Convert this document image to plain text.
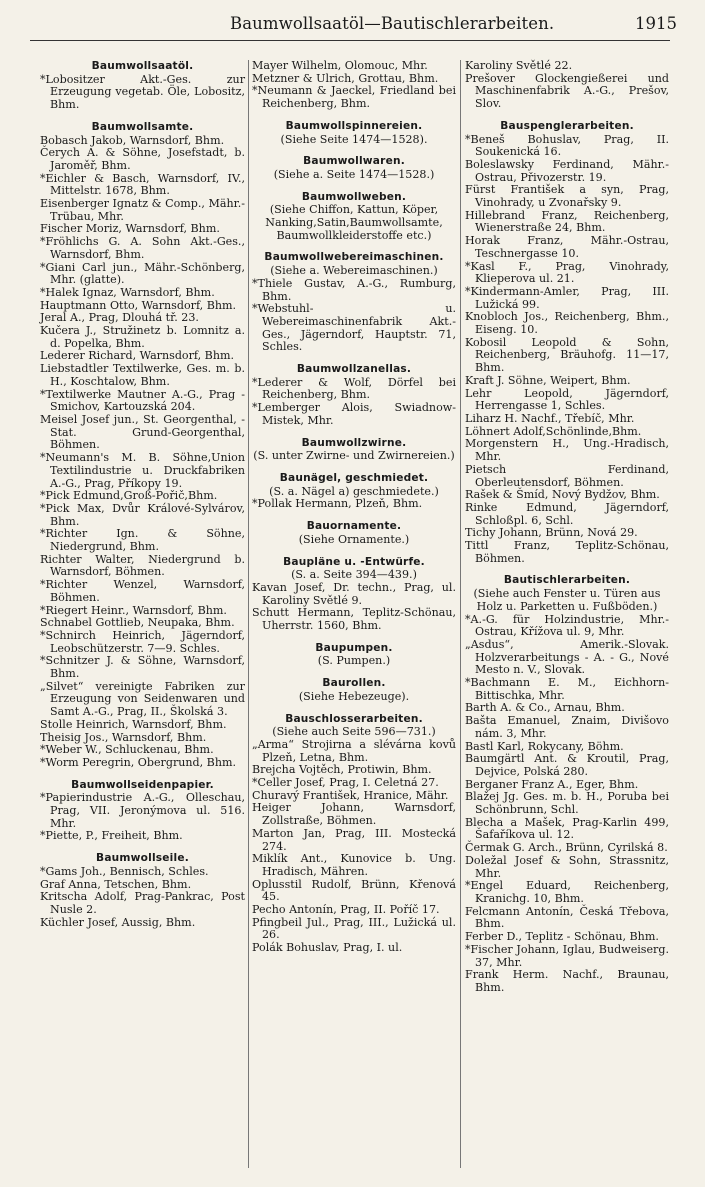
Baumwollsaatöl—Bautischlerarbeiten.	1915
Baumwollsaatöl.
*Lobositzer Akt.-Ges. zur Erzeugung vegetab. Öle, Lobositz, Bhm.
Baumwollsamte.
Bobasch Jakob, Warnsdorf, Bhm.
Čerych A. & Söhne, Josefstadt, b. Jaroměř, Bhm.
*Eichler & Basch, Warnsdorf, IV., Mittelstr. 1678, Bhm.
Eisenberger Ignatz & Comp., Mähr.-Trübau, Mhr.
Fischer Moriz, Warnsdorf, Bhm.
*Fröhlichs G. A. Sohn Akt.-Ges., Warnsdorf, Bhm.
*Giani Carl jun., Mähr.-Schönberg, Mhr. (glatte).
*Halek Ignaz, Warnsdorf, Bhm.
Hauptmann Otto, Warnsdorf, Bhm.
Jeral A., Prag, Dlouhá tř. 23.
Kučera J., Stružinetz b. Lomnitz a. d. Popelka, Bhm.
Lederer Richard, Warnsdorf, Bhm.
Liebstadtler Textilwerke, Ges. m. b. H., Koschtalow, Bhm.
*Textilwerke Mautner A.-G., Prag - Smichov, Kartouzská 204.
Meisel Josef jun., St. Georgenthal, - Stat. Grund-Georgenthal, Böhmen.
*Neumann's M. B. Söhne,Union Textilindustrie u. Druckfabriken A.-G., Prag, Příkopy 19.
*Pick Edmund,Groß-Pořič,Bhm.
*Pick Max, Dvůr Králové-Sylvárov, Bhm.
*Richter Ign. & Söhne, Niedergrund, Bhm.
Richter Walter, Niedergrund b. Warnsdorf, Böhmen.
*Richter Wenzel, Warnsdorf, Böhmen.
*Riegert Heinr., Warnsdorf, Bhm.
Schnabel Gottlieb, Neupaka, Bhm.
*Schnirch Heinrich, Jägerndorf, Leobschützerstr. 7—9. Schles.
*Schnitzer J. & Söhne, Warnsdorf, Bhm.
„Silvet“ vereinigte Fabriken zur Erzeugung von Seidenwaren und Samt A.-G., Prag, II., Školská 3.
Stolle Heinrich, Warnsdorf, Bhm.
Theisig Jos., Warnsdorf, Bhm.
*Weber W., Schluckenau, Bhm.
*Worm Peregrin, Obergrund, Bhm.
Baumwollseidenpapier.
*Papierindustrie A.-G., Olleschau, Prag, VII. Jeronýmova ul. 516. Mhr.
*Piette, P., Freiheit, Bhm.
Baumwollseile.
*Gams Joh., Bennisch, Schles.
Graf Anna, Tetschen, Bhm.
Kritscha Adolf, Prag-Pankrac, Post Nusle 2.
Küchler Josef, Aussig, Bhm.
Mayer Wilhelm, Olomouc, Mhr.
Metzner & Ulrich, Grottau, Bhm.
*Neumann & Jaeckel, Friedland bei Reichenberg, Bhm.
Baumwollspinnereien.
(Siehe Seite 1474—1528).
Baumwollwaren.
(Siehe a. Seite 1474—1528.)
Baumwollweben.
(Siehe Chiffon, Kattun, Köper, Nanking,Satin,Baumwollsamte, Baumwollkleiderstoffe etc.)
Baumwollwebereimaschinen.
(Siehe a. Webereimaschinen.)
*Thiele Gustav, A.-G., Rumburg, Bhm.
*Webstuhl- u. Webereimaschinenfabrik Akt.-Ges., Jägerndorf, Hauptstr. 71, Schles.
Baumwollzanellas.
*Lederer & Wolf, Dörfel bei Reichenberg, Bhm.
*Lemberger Alois, Swiadnow-Mistek, Mhr.
Baumwollzwirne.
(S. unter Zwirne- und Zwirnereien.)
Baunägel, geschmiedet.
(S. a. Nägel a) geschmiedete.)
*Pollak Hermann, Plzeň, Bhm.
Bauornamente.
(Siehe Ornamente.)
Baupläne u. -Entwürfe.
(S. a. Seite 394—439.)
Kavan Josef, Dr. techn., Prag, ul. Karoliny Světlé 9.
Schutt Hermann, Teplitz-Schönau, Uherrstr. 1560, Bhm.
Baupumpen.
(S. Pumpen.)
Baurollen.
(Siehe Hebezeuge).
Bauschlosserarbeiten.
(Siehe auch Seite 596—731.)
„Arma“ Strojirna a slévárna kovů Plzeň, Letna, Bhm.
Brejcha Vojtěch, Protiwin, Bhm.
*Celler Josef, Prag, I. Celetná 27.
Churavý František, Hranice, Mähr.
Heiger Johann, Warnsdorf, Zollstraße, Böhmen.
Marton Jan, Prag, III. Mostecká 274.
Miklík Ant., Kunovice b. Ung. Hradisch, Mähren.
Oplusstil Rudolf, Brünn, Křenová 45.
Pecho Antonín, Prag, II. Poříč 17.
Pfingbeil Jul., Prag, III., Lužická ul. 26.
Polák Bohuslav, Prag, I. ul.
Karoliny Světlé 22.
Prešover Glockengießerei und Maschinenfabrik A.-G., Prešov, Slov.
Bauspenglerarbeiten.
*Beneš Bohuslav, Prag, II. Soukenická 16.
Boleslawsky Ferdinand, Mähr.-Ostrau, Přivozerstr. 19.
Fürst František a syn, Prag, Vinohrady, u Zvonařsky 9.
Hillebrand Franz, Reichenberg, Wienerstraße 24, Bhm.
Horak Franz, Mähr.-Ostrau, Teschnergasse 10.
*Kasl F., Prag, Vinohrady, Klieperova ul. 21.
*Kindermann-Amler, Prag, III. Lužická 99.
Knobloch Jos., Reichenberg, Bhm., Eiseng. 10.
Kobosil Leopold & Sohn, Reichenberg, Bräuhofg. 11—17, Bhm.
Kraft J. Söhne, Weipert, Bhm.
Lehr Leopold, Jägerndorf, Herrengasse 1, Schles.
Liharz H. Nachf., Třebíč, Mhr.
Löhnert Adolf,Schönlinde,Bhm.
Morgenstern H., Ung.-Hradisch, Mhr.
Pietsch Ferdinand, Oberleutensdorf, Böhmen.
Rašek & Šmíd, Nový Bydžov, Bhm.
Rinke Edmund, Jägerndorf, Schloßpl. 6, Schl.
Tichy Johann, Brünn, Nová 29.
Tittl Franz, Teplitz-Schönau, Böhmen.
Bautischlerarbeiten.
(Siehe auch Fenster u. Türen aus Holz u. Parketten u. Fußböden.)
*A.-G. für Holzindustrie, Mhr.-Ostrau, Křížova ul. 9, Mhr.
„Asdus“, Amerik.-Slovak. Holzverarbeitungs - A. - G., Nové Mesto n. V., Slovak.
*Bachmann E. M., Eichhorn-Bittischka, Mhr.
Barth A. & Co., Arnau, Bhm.
Bašta Emanuel, Znaim, Divišovo nám. 3, Mhr.
Bastl Karl, Rokycany, Böhm.
Baumgärtl Ant. & Kroutil, Prag, Dejvice, Polská 280.
Berganer Franz A., Eger, Bhm.
Blažej Jg. Ges. m. b. H., Poruba bei Schönbrunn, Schl.
Blecha a Mašek, Prag-Karlin 499, Šafaříkova ul. 12.
Čermak G. Arch., Brünn, Cyrilská 8.
Doležal Josef & Sohn, Strassnitz, Mhr.
*Engel Eduard, Reichenberg, Kranichg. 10, Bhm.
Felcmann Antonín, Česká Třebova, Bhm.
Ferber D., Teplitz - Schönau, Bhm.
*Fischer Johann, Iglau, Budweiserg. 37, Mhr.
Frank Herm. Nachf., Braunau, Bhm.
